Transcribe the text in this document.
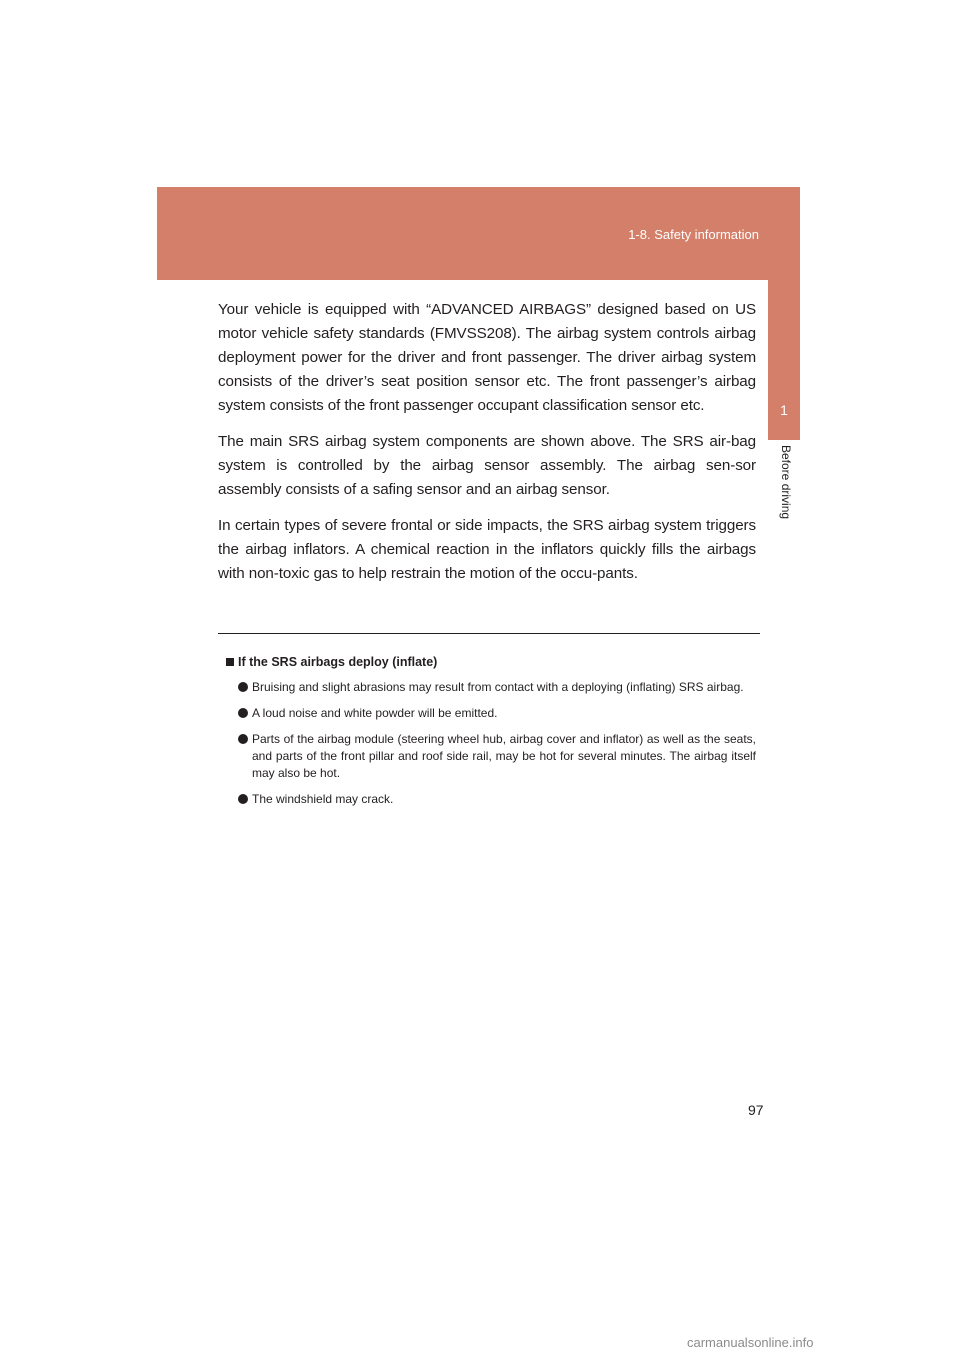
1-8. Safety information
1
Before driving

Your vehicle is equipped with “ADVANCED AIRBAGS” designed based on US motor vehicle safety standards (FMVSS208). The airbag system controls airbag deployment power for the driver and front passenger. The driver airbag system consists of the driver’s seat position sensor etc. The front passenger’s airbag system consists of the front passenger occupant classification sensor etc.

The main SRS airbag system components are shown above. The SRS air-bag system is controlled by the airbag sensor assembly. The airbag sen-sor assembly consists of a safing sensor and an airbag sensor.

In certain types of severe frontal or side impacts, the SRS airbag system triggers the airbag inflators. A chemical reaction in the inflators quickly fills the airbags with non-toxic gas to help restrain the motion of the occu-pants.

If the SRS airbags deploy (inflate)
Bruising and slight abrasions may result from contact with a deploying (inflating) SRS airbag.
A loud noise and white powder will be emitted.
Parts of the airbag module (steering wheel hub, airbag cover and inflator) as well as the seats, and parts of the front pillar and roof side rail, may be hot for several minutes. The airbag itself may also be hot.
The windshield may crack.
97
carmanualsonline.info
